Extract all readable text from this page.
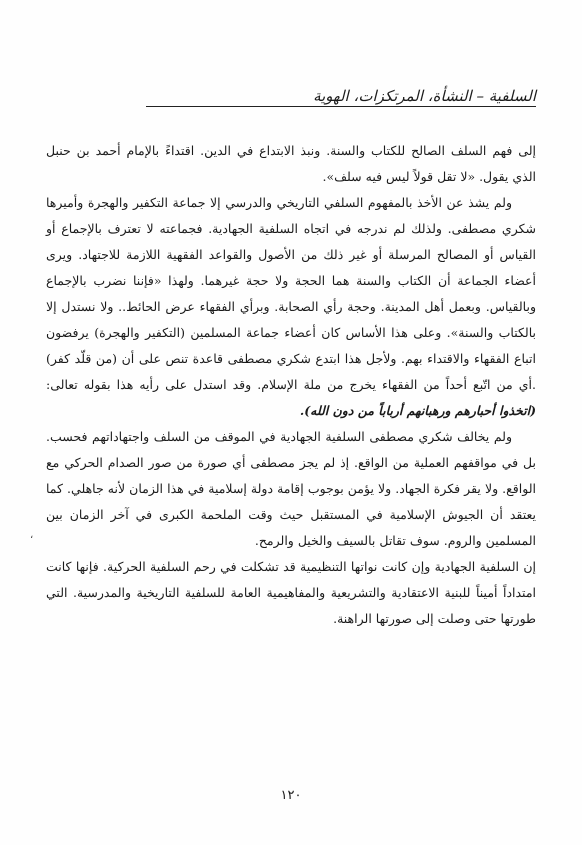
السلفية – النشأة، المرتكزات، الهوية

إلى فهم السلف الصالح للكتاب والسنة. ونبذ الابتداع في الدين. اقتداءً بالإمام أحمد بن حنبل الذي يقول. «لا تقل قولاً ليس فيه سلف».

ولم يشذ عن الأخذ بالمفهوم السلفي التاريخي والدرسي إلا جماعة التكفير والهجرة وأميرها شكري مصطفى. ولذلك لم ندرجه في اتجاه السلفية الجهادية. فجماعته لا تعترف بالإجماع أو القياس أو المصالح المرسلة أو غير ذلك من الأصول والقواعد الفقهية اللازمة للاجتهاد. ويرى أعضاء الجماعة أن الكتاب والسنة هما الحجة ولا حجة غيرهما. ولهذا «فإننا نضرب بالإجماع وبالقياس. وبعمل أهل المدينة. وحجة رأي الصحابة. وبرأي الفقهاء عرض الحائط.. ولا نستدل إلا بالكتاب والسنة». وعلى هذا الأساس كان أعضاء جماعة المسلمين (التكفير والهجرة) يرفضون اتباع الفقهاء والاقتداء بهم. ولأجل هذا ابتدع شكري مصطفى قاعدة تنص على أن (من قلّد كفر) .أي من اتّبع أحداً من الفقهاء يخرج من ملة الإسلام. وقد استدل على رأيه هذا بقوله تعالى: (اتخذوا أحبارهم ورهبانهم أرباباً من دون الله).

ولم يخالف شكري مصطفى السلفية الجهادية في الموقف من السلف واجتهاداتهم فحسب. بل في مواقفهم العملية من الواقع. إذ لم يجز مصطفى أي صورة من صور الصدام الحركي مع الواقع. ولا يقر فكرة الجهاد. ولا يؤمن بوجوب إقامة دولة إسلامية في هذا الزمان لأنه جاهلي. كما يعتقد أن الجيوش الإسلامية في المستقبل حيث وقت الملحمة الكبرى في آخر الزمان بين المسلمين والروم. سوف تقاتل بالسيف والخيل والرمح.

إن السلفية الجهادية وإن كانت نواتها التنظيمية قد تشكلت في رحم السلفية الحركية. فإنها كانت امتداداً أميناً للبنية الاعتقادية والتشريعية والمفاهيمية العامة للسلفية التاريخية والمدرسية. التي طورتها حتى وصلت إلى صورتها الراهنة.

،
١٢٠
